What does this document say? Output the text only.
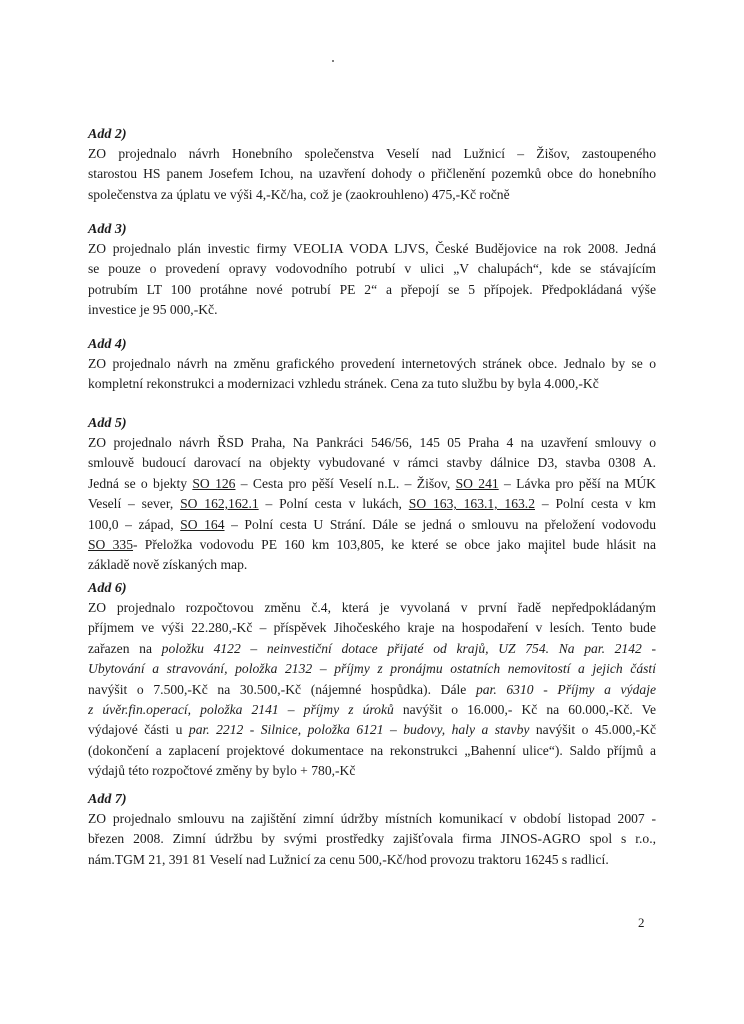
Add 2)
ZO projednalo návrh Honebního společenstva Veselí nad Lužnicí – Žišov, zastoupeného
starostou HS panem Josefem Ichou, na uzavření dohody o přičlenění pozemků obce do honebního
společenstva za úplatu ve výši 4,-Kč/ha, což je (zaokrouhleno) 475,-Kč ročně
Add 3)
ZO projednalo plán investic firmy VEOLIA VODA LJVS, České Budějovice na rok 2008. Jedná
se pouze o provedení opravy vodovodního potrubí v ulici „V chalupách“, kde se stávajícím
potrubím LT 100 protáhne nové potrubí PE 2“ a přepojí se 5 přípojek. Předpokládaná výše
investice je 95 000,-Kč.
Add 4)
ZO projednalo návrh na změnu grafického provedení internetových stránek obce. Jednalo by se o
kompletní rekonstrukci a modernizaci vzhledu stránek. Cena za tuto službu by byla 4.000,-Kč
Add 5)
ZO projednalo návrh ŘSD Praha, Na Pankráci 546/56, 145 05 Praha 4 na uzavření smlouvy o
smlouvě budoucí darovací na objekty vybudované v rámci stavby dálnice D3, stavba 0308 A.
Jedná se o bjekty SO 126 – Cesta pro pěší Veselí n.L. – Žišov, SO 241 – Lávka pro pěší na MÚK
Veselí – sever, SO 162,162.1 – Polní cesta v lukách, SO 163, 163.1, 163.2 – Polní cesta v km
100,0 – západ, SO 164 – Polní cesta U Strání. Dále se jedná o smlouvu na přeložení vodovodu
SO 335- Přeložka vodovodu PE 160 km 103,805, ke které se obce jako majitel bude hlásit na
základě nově získaných map.
Add 6)
ZO projednalo rozpočtovou změnu č.4, která je vyvolaná v první řadě nepředpokládaným
příjmem ve výši 22.280,-Kč – příspěvek Jihočeského kraje na hospodaření v lesích. Tento bude
zařazen na položku 4122 – neinvestiční dotace přijaté od krajů, UZ 754. Na par. 2142 -
Ubytování a stravování, položka 2132 – příjmy z pronájmu ostatních nemovitostí a jejich částí
navýšit o 7.500,-Kč na 30.500,-Kč (nájemné hospůdka). Dále par. 6310 - Příjmy a výdaje
z úvěr.fin.operací, položka 2141 – příjmy z úroků navýšit o 16.000,- Kč na 60.000,-Kč. Ve
výdajové části u par. 2212 - Silnice, položka 6121 – budovy, haly a stavby navýšit o 45.000,-Kč
(dokončení a zaplacení projektové dokumentace na rekonstrukci „Bahenní ulice“). Saldo příjmů a
výdajů této rozpočtové změny by bylo + 780,-Kč
Add 7)
ZO projednalo smlouvu na zajištění zimní údržby místních komunikací v období listopad 2007 -
březen 2008. Zimní údržbu by svými prostředky zajišťovala firma JINOS-AGRO spol s r.o.,
nám.TGM 21, 391 81 Veselí nad Lužnicí za cenu 500,-Kč/hod provozu traktoru 16245 s radlicí.
2
